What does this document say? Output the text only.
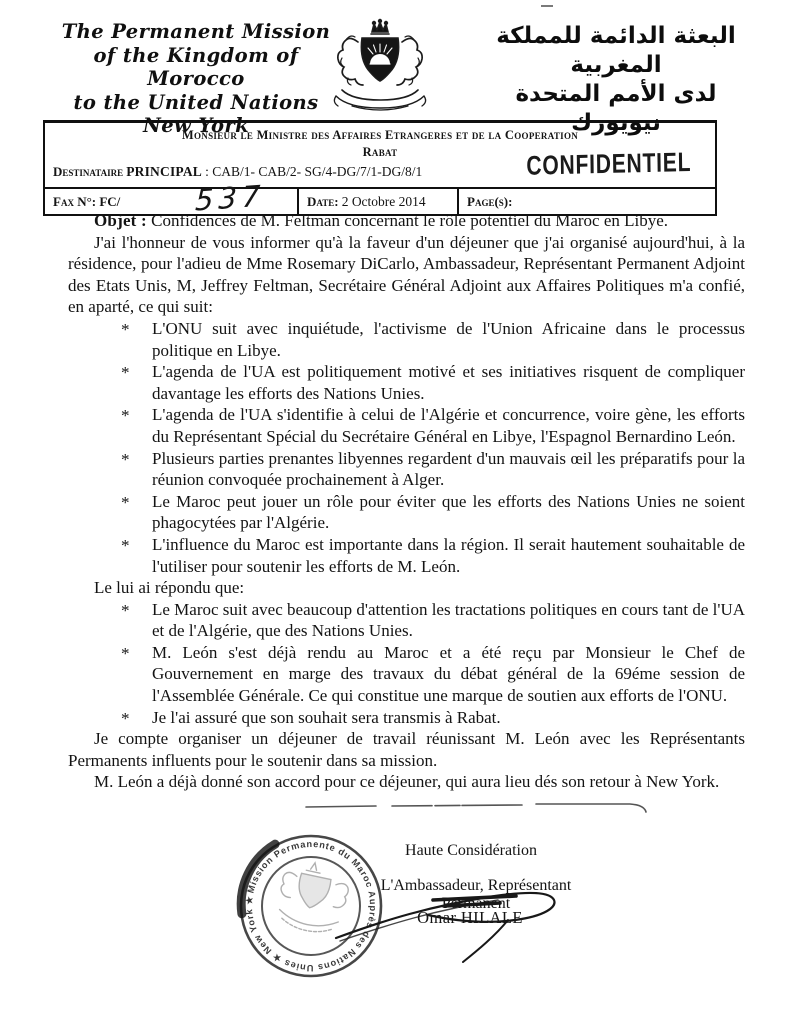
The Permanent Mission
of the Kingdom of Morocco
to the United Nations
New York
البعثة الدائمة للمملكة المغربية
لدى الأمم المتحدة
نيويورك
Monsieur le Ministre des Affaires Etrangeres et de la Cooperation
Rabat
Destinataire PRINCIPAL : CAB/1- CAB/2- SG/4-DG/7/1-DG/8/1	CONFIDENTIEL
Fax N°: FC/	537	Date: 2 Octobre 2014	Page(s):

Objet : Confidences de M. Feltman concernant le rôle potentiel du Maroc en Libye.

J'ai l'honneur de vous informer qu'à la faveur d'un déjeuner que j'ai organisé aujourd'hui, à la résidence, pour l'adieu de Mme Rosemary DiCarlo, Ambassadeur, Représentant Permanent Adjoint des Etats Unis, M, Jeffrey Feltman, Secrétaire Général Adjoint aux Affaires Politiques m'a confié, en aparté, ce qui suit:

* L'ONU suit avec inquiétude, l'activisme de l'Union Africaine dans le processus politique en Libye.
* L'agenda de l'UA est politiquement motivé et ses initiatives risquent de compliquer davantage les efforts des Nations Unies.
* L'agenda de l'UA s'identifie à celui de l'Algérie et concurrence, voire gène, les efforts du Représentant Spécial du Secrétaire Général en Libye, l'Espagnol Bernardino León.
* Plusieurs parties prenantes libyennes regardent d'un mauvais œil les préparatifs pour la réunion convoquée prochainement à Alger.
* Le Maroc peut jouer un rôle pour éviter que les efforts des Nations Unies ne soient phagocytées par l'Algérie.
* L'influence du Maroc est importante dans la région. Il serait hautement souhaitable de l'utiliser pour soutenir les efforts de M. León.

Le lui ai répondu que:

* Le Maroc suit avec beaucoup d'attention les tractations politiques en cours tant de l'UA et de l'Algérie, que des Nations Unies.
* M. León s'est déjà rendu au Maroc et a été reçu par Monsieur le Chef de Gouvernement en marge des travaux du débat général de la 69éme session de l'Assemblée Générale. Ce qui constitue une marque de soutien aux efforts de l'ONU.
* Je l'ai assuré que son souhait sera transmis à Rabat.

Je compte organiser un déjeuner de travail réunissant M. León avec les Représentants Permanents influents pour le soutenir dans sa mission.

M. León a déjà donné son accord pour ce déjeuner, qui aura lieu dés son retour à New York.

Mission Permanente du Maroc Auprès des Nations Unies ★ New York ★
Haute Considération
L'Ambassadeur, Représentant Permanent
Omar HILALE
